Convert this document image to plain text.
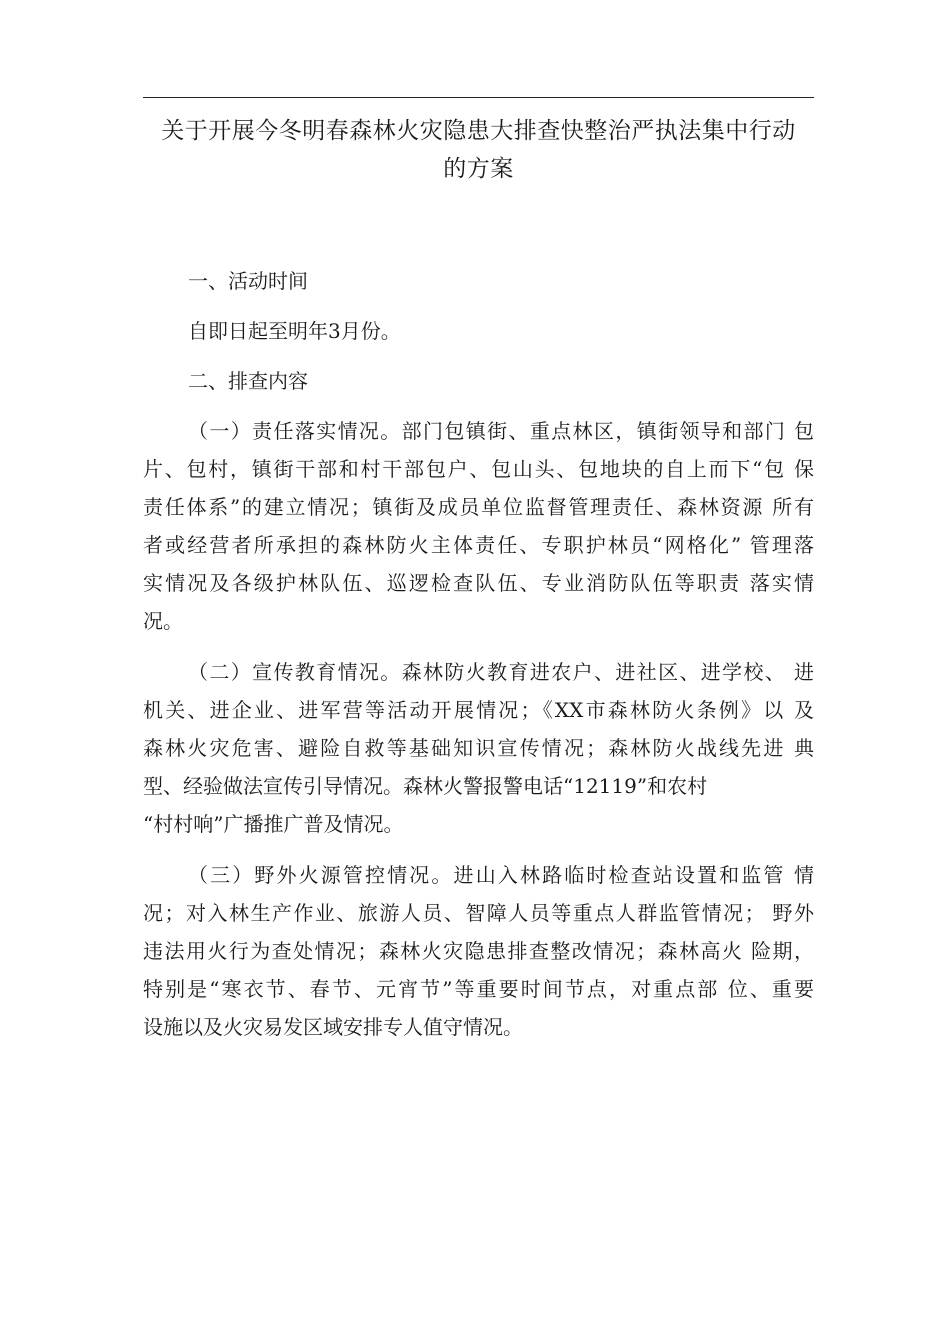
关于开展今冬明春森林火灾隐患大排查快整治严执法集中行动
的方案
一、活动时间
自即日起至明年3月份。
二、排查内容
（一）责任落实情况。部门包镇街、重点林区，镇街领导和部门 包
片、包村，镇街干部和村干部包户、包山头、包地块的自上而下“包 保
责任体系”的建立情况；镇街及成员单位监督管理责任、森林资源 所有
者或经营者所承担的森林防火主体责任、专职护林员“网格化” 管理落
实情况及各级护林队伍、巡逻检查队伍、专业消防队伍等职责 落实情
况。
（二）宣传教育情况。森林防火教育进农户、进社区、进学校、 进
机关、进企业、进军营等活动开展情况；《XX市森林防火条例》以 及
森林火灾危害、避险自救等基础知识宣传情况；森林防火战线先进 典
型、经验做法宣传引导情况。森林火警报警电话“12119”和农村
“村村响”广播推广普及情况。
（三）野外火源管控情况。进山入林路临时检查站设置和监管 情
况；对入林生产作业、旅游人员、智障人员等重点人群监管情况； 野外
违法用火行为查处情况；森林火灾隐患排查整改情况；森林高火 险期，
特别是“寒衣节、春节、元宵节”等重要时间节点，对重点部 位、重要
设施以及火灾易发区域安排专人值守情况。
